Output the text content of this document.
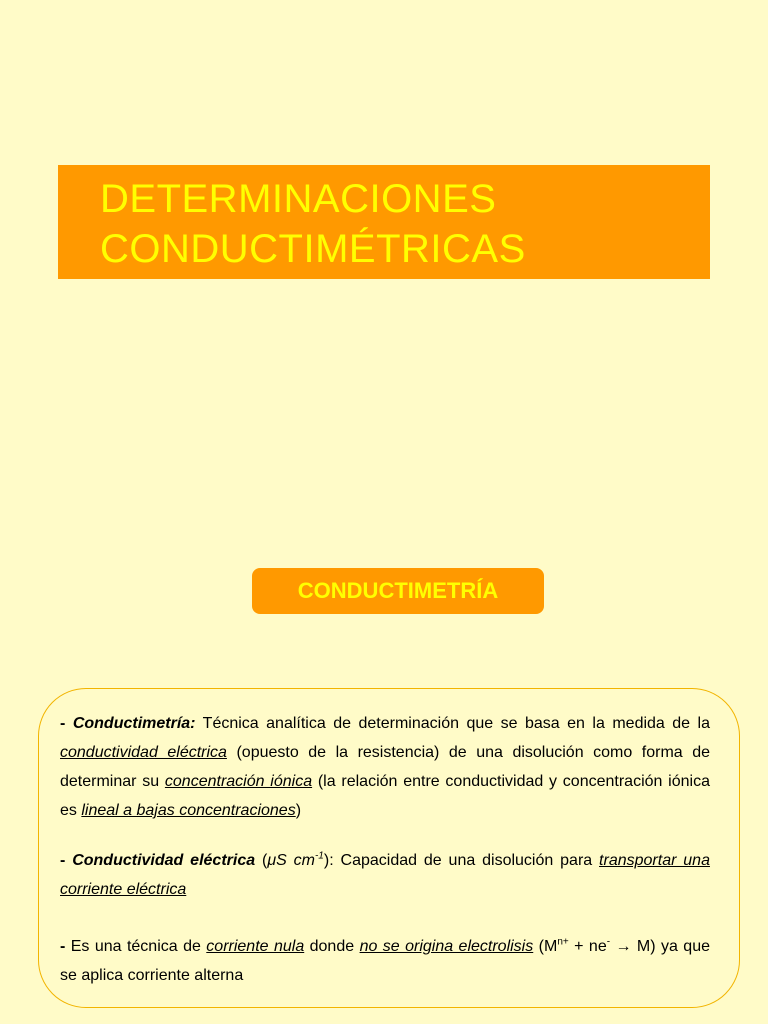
DETERMINACIONES
CONDUCTIMÉTRICAS
CONDUCTIMETRÍA
- Conductimetría: Técnica analítica de determinación que se basa en la medida de la conductividad eléctrica (opuesto de la resistencia) de una disolución como forma de determinar su concentración iónica (la relación entre conductividad y concentración iónica es lineal a bajas concentraciones)
- Conductividad eléctrica (μS $cm^{-1}$): Capacidad de una disolución para transportar una corriente eléctrica
- Es una técnica de corriente nula donde no se origina electrolisis $(M^{n+} + ne^- \to M)$ ya que se aplica corriente alterna
